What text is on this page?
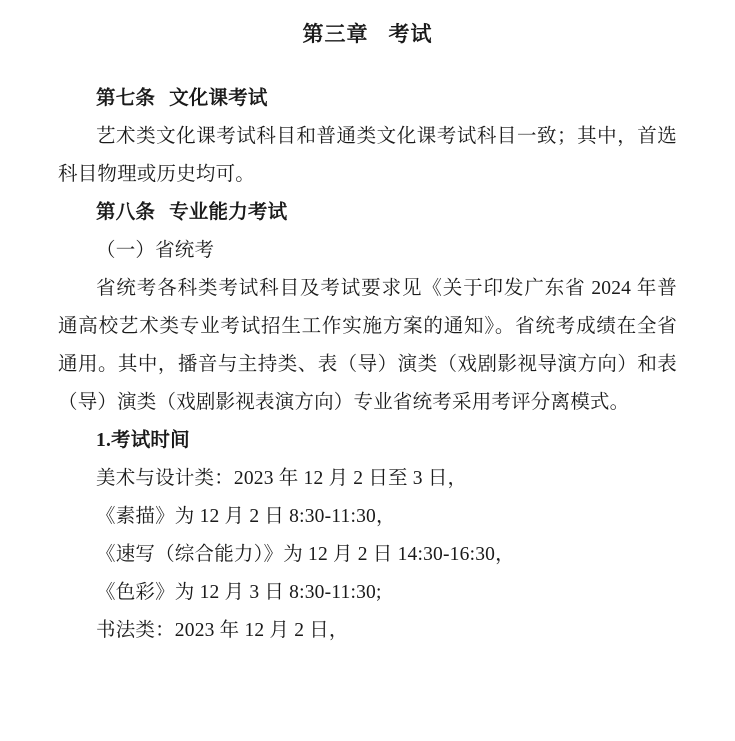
第三章 考试

第七条 文化课考试

艺术类文化课考试科目和普通类文化课考试科目一致；其中，首选科目物理或历史均可。

第八条 专业能力考试

（一）省统考

省统考各科类考试科目及考试要求见《关于印发广东省 2024 年普通高校艺术类专业考试招生工作实施方案的通知》。省统考成绩在全省通用。其中，播音与主持类、表（导）演类（戏剧影视导演方向）和表（导）演类（戏剧影视表演方向）专业省统考采用考评分离模式。

1.考试时间

美术与设计类：2023 年 12 月 2 日至 3 日，

《素描》为 12 月 2 日 8:30-11:30，

《速写（综合能力）》为 12 月 2 日 14:30-16:30，

《色彩》为 12 月 3 日 8:30-11:30;

书法类：2023 年 12 月 2 日，
